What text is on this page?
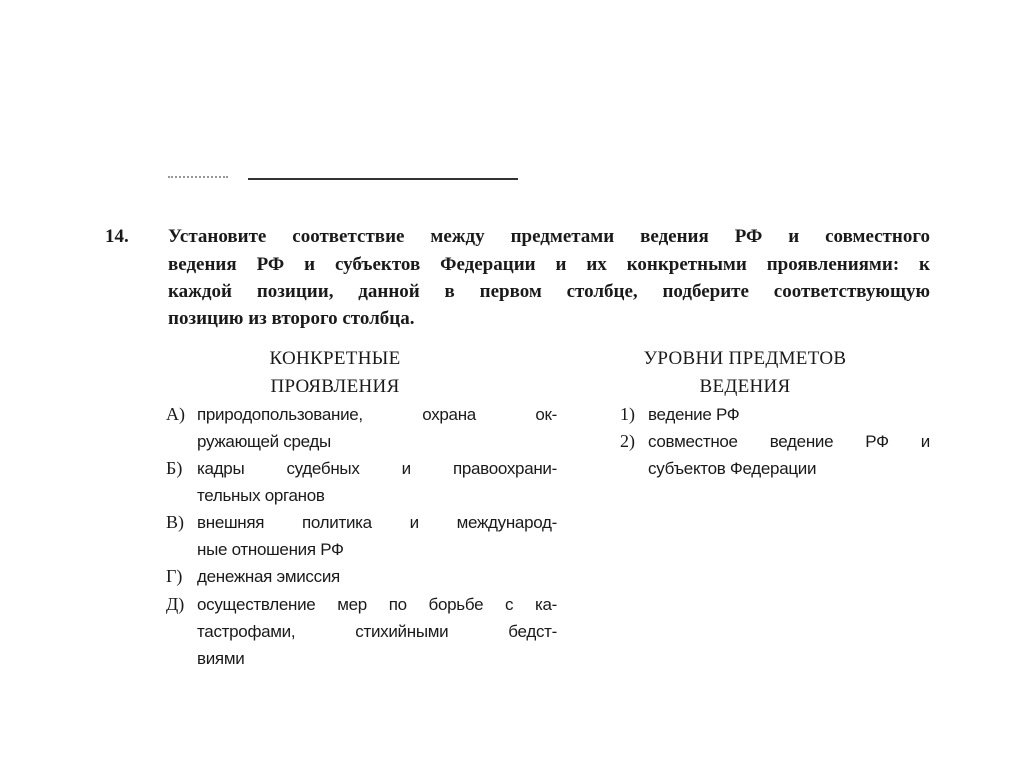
14. Установите соответствие между предметами ведения РФ и совместного
ведения РФ и субъектов Федерации и их конкретными проявлениями: к
каждой позиции, данной в первом столбце, подберите соответствующую
позицию из второго столбца.
КОНКРЕТНЫЕ
ПРОЯВЛЕНИЯ
А) природопользование, охрана ок-
ружающей среды
Б) кадры судебных и правоохрани-
тельных органов
В) внешняя политика и международ-
ные отношения РФ
Г) денежная эмиссия
Д) осуществление мер по борьбе с ка-
тастрофами, стихийными бедст-
виями
УРОВНИ ПРЕДМЕТОВ
ВЕДЕНИЯ
1) ведение РФ
2) совместное ведение РФ и
субъектов Федерации
